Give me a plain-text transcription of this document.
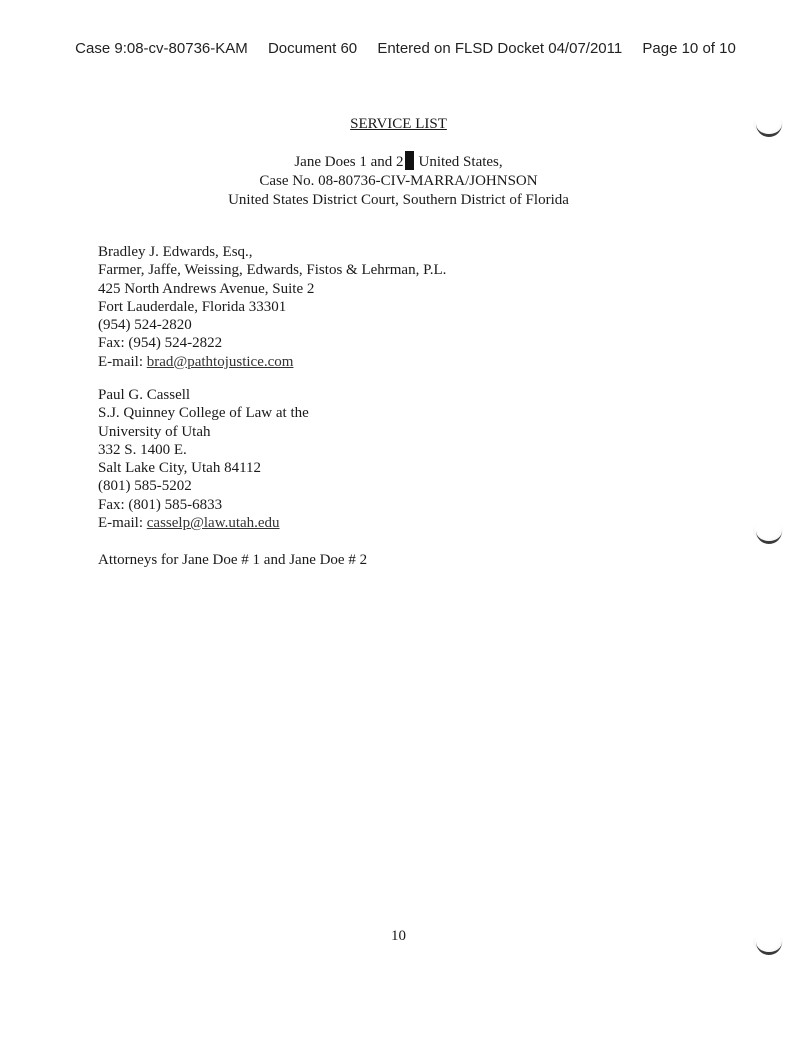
Case 9:08-cv-80736-KAM Document 60 Entered on FLSD Docket 04/07/2011 Page 10 of 10
SERVICE LIST
Jane Does 1 and 2 United States,
Case No. 08-80736-CIV-MARRA/JOHNSON
United States District Court, Southern District of Florida
Bradley J. Edwards, Esq.,
Farmer, Jaffe, Weissing, Edwards, Fistos & Lehrman, P.L.
425 North Andrews Avenue, Suite 2
Fort Lauderdale, Florida 33301
(954) 524-2820
Fax: (954) 524-2822
E-mail: brad@pathtojustice.com
Paul G. Cassell
S.J. Quinney College of Law at the
University of Utah
332 S. 1400 E.
Salt Lake City, Utah 84112
(801) 585-5202
Fax: (801) 585-6833
E-mail: casselp@law.utah.edu
Attorneys for Jane Doe # 1 and Jane Doe # 2
10
